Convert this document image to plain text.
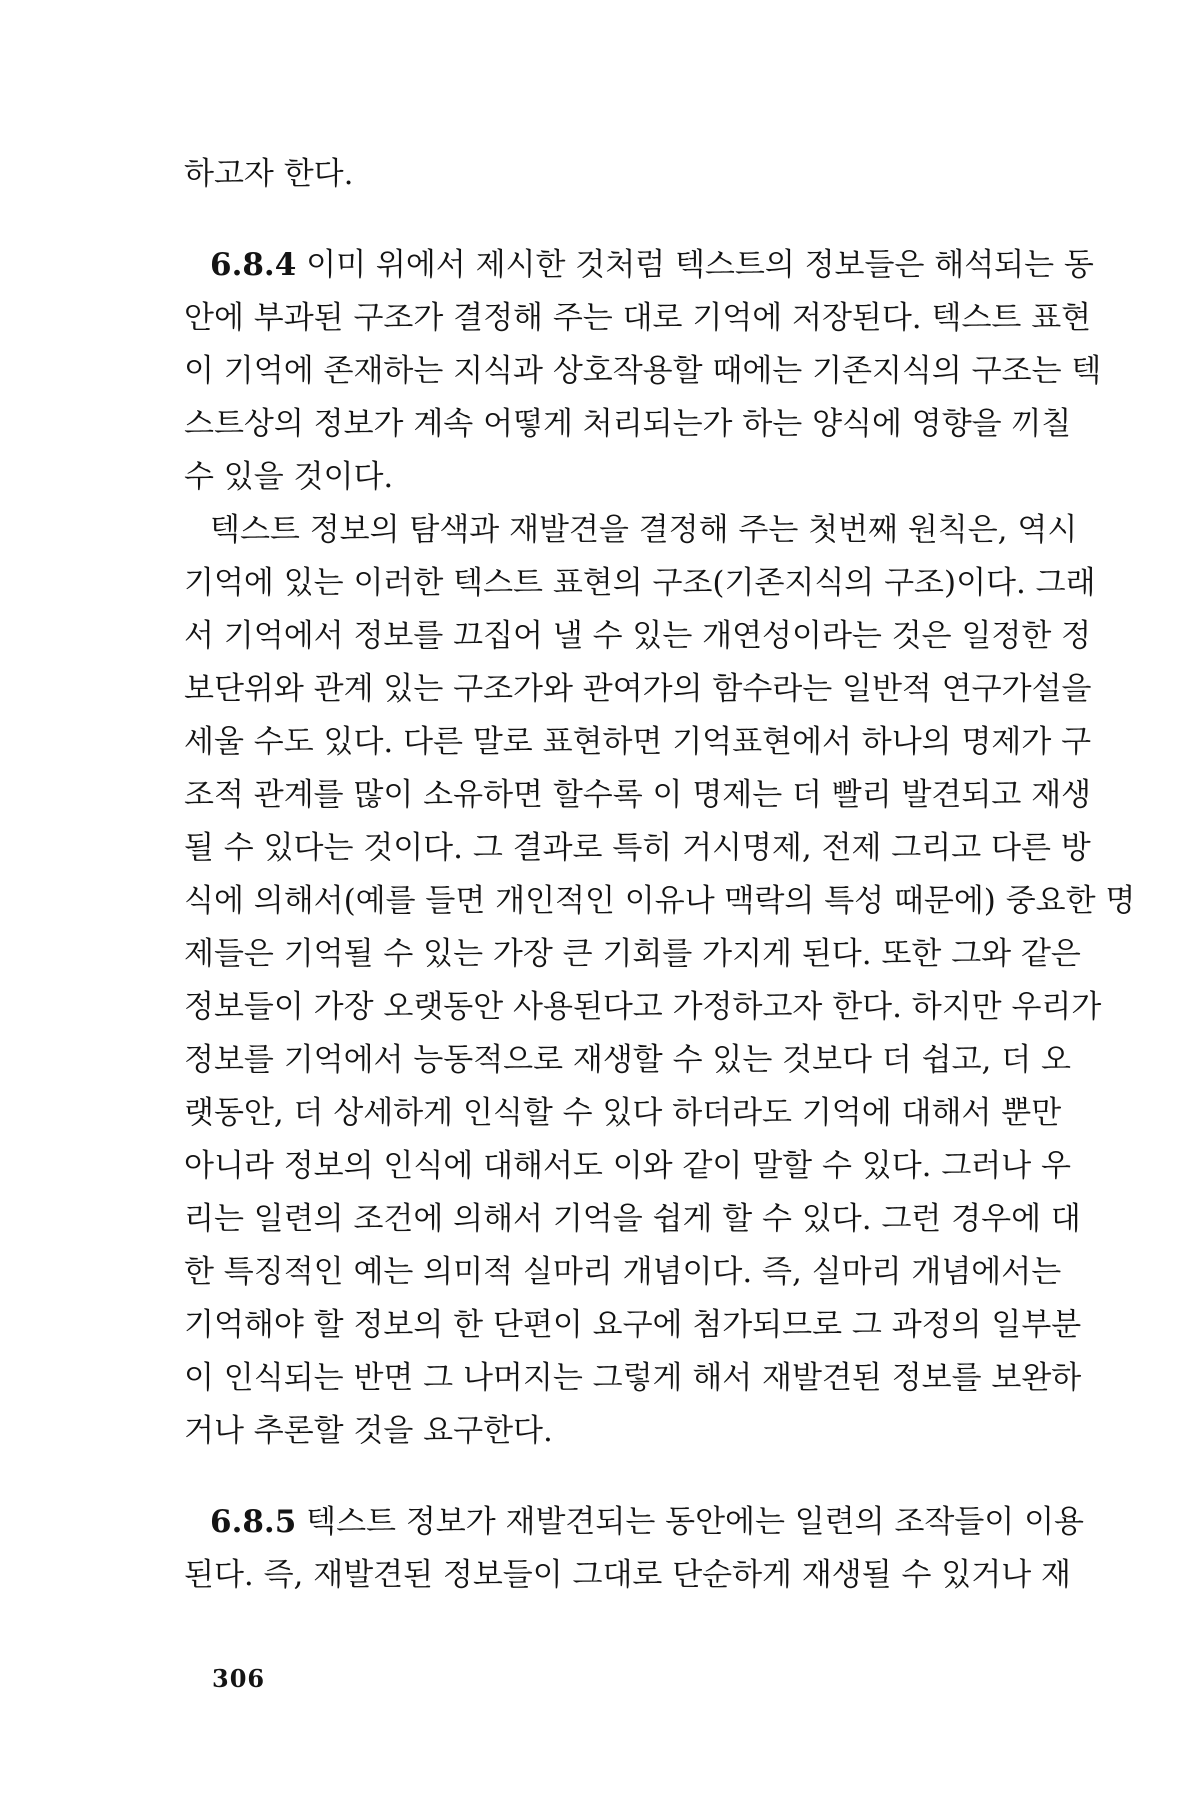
하고자 한다.
6.8.4 이미 위에서 제시한 것처럼 텍스트의 정보들은 해석되는 동
안에 부과된 구조가 결정해 주는 대로 기억에 저장된다. 텍스트 표현
이 기억에 존재하는 지식과 상호작용할 때에는 기존지식의 구조는 텍
스트상의 정보가 계속 어떻게 처리되는가 하는 양식에 영향을 끼칠
수 있을 것이다.
텍스트 정보의 탐색과 재발견을 결정해 주는 첫번째 원칙은, 역시
기억에 있는 이러한 텍스트 표현의 구조(기존지식의 구조)이다. 그래
서 기억에서 정보를 끄집어 낼 수 있는 개연성이라는 것은 일정한 정
보단위와 관계 있는 구조가와 관여가의 함수라는 일반적 연구가설을
세울 수도 있다. 다른 말로 표현하면 기억표현에서 하나의 명제가 구
조적 관계를 많이 소유하면 할수록 이 명제는 더 빨리 발견되고 재생
될 수 있다는 것이다. 그 결과로 특히 거시명제, 전제 그리고 다른 방
식에 의해서(예를 들면 개인적인 이유나 맥락의 특성 때문에) 중요한 명
제들은 기억될 수 있는 가장 큰 기회를 가지게 된다. 또한 그와 같은
정보들이 가장 오랫동안 사용된다고 가정하고자 한다. 하지만 우리가
정보를 기억에서 능동적으로 재생할 수 있는 것보다 더 쉽고, 더 오
랫동안, 더 상세하게 인식할 수 있다 하더라도 기억에 대해서 뿐만
아니라 정보의 인식에 대해서도 이와 같이 말할 수 있다. 그러나 우
리는 일련의 조건에 의해서 기억을 쉽게 할 수 있다. 그런 경우에 대
한 특징적인 예는 의미적 실마리 개념이다. 즉, 실마리 개념에서는
기억해야 할 정보의 한 단편이 요구에 첨가되므로 그 과정의 일부분
이 인식되는 반면 그 나머지는 그렇게 해서 재발견된 정보를 보완하
거나 추론할 것을 요구한다.
6.8.5 텍스트 정보가 재발견되는 동안에는 일련의 조작들이 이용
된다. 즉, 재발견된 정보들이 그대로 단순하게 재생될 수 있거나 재
306
